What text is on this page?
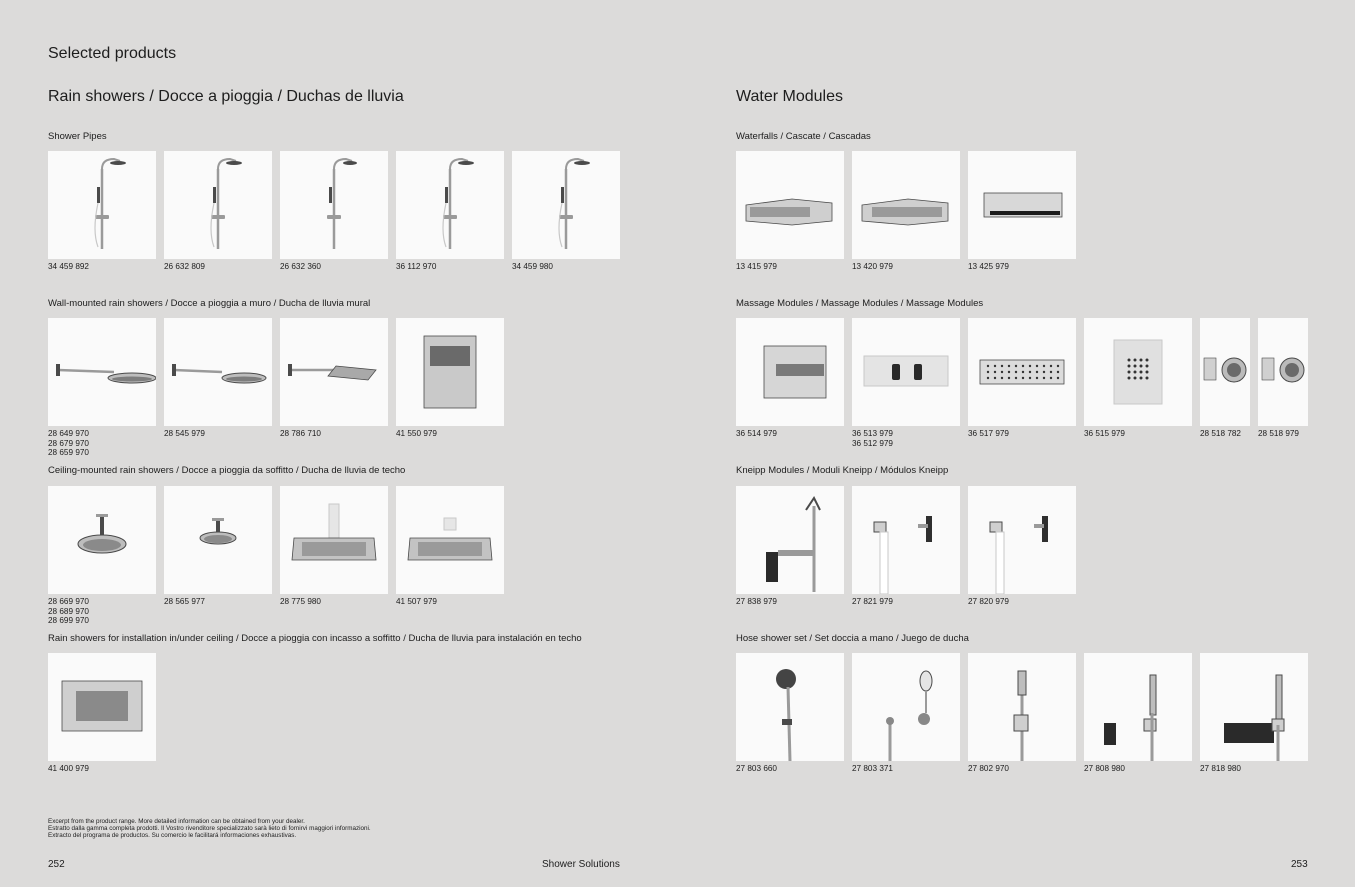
Selected products
Rain showers / Docce a pioggia / Duchas de lluvia	Water Modules
Shower Pipes
34 459 892	26 632 809	26 632 360	36 112 970	34 459 980
Wall-mounted rain showers / Docce a pioggia a muro / Ducha de lluvia mural
28 649 970
28 679 970
28 659 970
28 545 979	28 786 710	41 550 979
Ceiling-mounted rain showers / Docce a pioggia da soffitto / Ducha de lluvia de techo
28 669 970
28 689 970
28 699 970
28 565 977	28 775 980	41 507 979
Rain showers for installation in/under ceiling / Docce a pioggia con incasso a soffitto / Ducha de lluvia para instalación en techo
41 400 979
Waterfalls / Cascate / Cascadas
13 415 979	13 420 979	13 425 979
Massage Modules / Massage Modules / Massage Modules
36 514 979	36 513 979
36 512 979
36 517 979	36 515 979	28 518 782 28 518 979
Kneipp Modules / Moduli Kneipp / Módulos Kneipp
27 838 979	27 821 979	27 820 979
Hose shower set / Set doccia a mano / Juego de ducha
27 803 660	27 803 371	27 802 970	27 808 980	27 818 980
Excerpt from the product range. More detailed information can be obtained from your dealer.
Estratto dalla gamma completa prodotti. Il Vostro rivenditore specializzato sarà lieto di fornirvi maggiori informazioni.
Extracto del programa de productos. Su comercio le facilitará informaciones exhaustivas.
252	Shower Solutions	253
